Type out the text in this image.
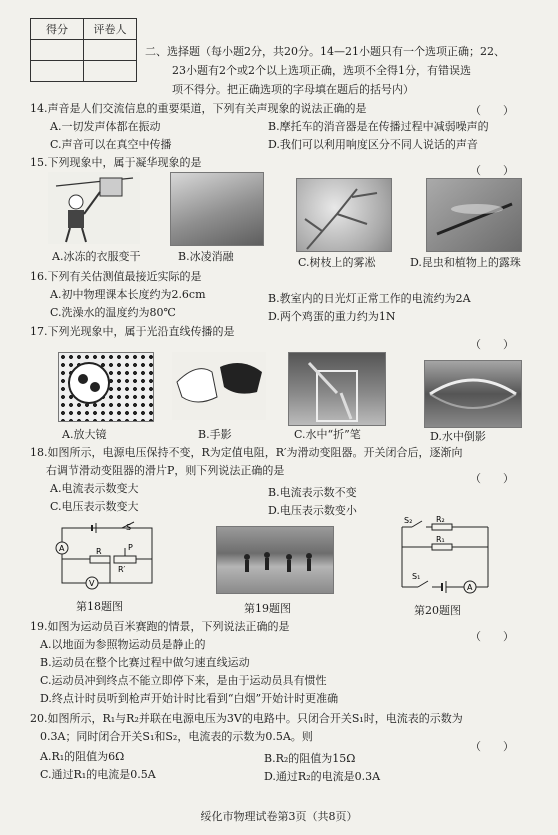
得分	评卷人

二、选择题（每小题2分，共20分。14—21小题只有一个选项正确；22、
23小题有2个或2个以上选项正确，选项不全得1分，有错误选
项不得分。把正确选项的字母填在题后的括号内）
14.声音是人们交流信息的重要渠道，下列有关声现象的说法正确的是	（　　）
A.一切发声体都在振动	B.摩托车的消音器是在传播过程中减弱噪声的
C.声音可以在真空中传播	D.我们可以利用响度区分不同人说话的声音
15.下列现象中，属于凝华现象的是
（　　）
A.冰冻的衣服变干	B.冰凌消融	C.树枝上的雾凇	D.昆虫和植物上的露珠
16.下列有关估测值最接近实际的是
A.初中物理课本长度约为2.6cm	B.教室内的日光灯正常工作的电流约为2A
C.洗澡水的温度约为80℃	D.两个鸡蛋的重力约为1N
17.下列光现象中，属于光沿直线传播的是
（　　）
A.放大镜	B.手影	C.水中“折”笔	D.水中倒影
18.如图所示，电源电压保持不变，R为定值电阻，R′为滑动变阻器。开关闭合后，逐渐向
右调节滑动变阻器的滑片P，则下列说法正确的是
（　　）
A.电流表示数变大	B.电流表示数不变
C.电压表示数变大	D.电压表示数变小
A
V
S
R
R′
P
A
S₂	R₂
R₁
S₁
第18题图	第19题图	第20题图
19.如图为运动员百米赛跑的情景，下列说法正确的是
（　　）
A.以地面为参照物运动员是静止的
B.运动员在整个比赛过程中做匀速直线运动
C.运动员冲到终点不能立即停下来，是由于运动员具有惯性
D.终点计时员听到枪声开始计时比看到“白烟”开始计时更准确
20.如图所示，R₁与R₂并联在电源电压为3V的电路中。只闭合开关S₁时，电流表的示数为
0.3A；同时闭合开关S₁和S₂，电流表的示数为0.5A。则
（　　）
A.R₁的阻值为6Ω	B.R₂的阻值为15Ω
C.通过R₁的电流是0.5A	D.通过R₂的电流是0.3A
绥化市物理试卷第3页（共8页）
